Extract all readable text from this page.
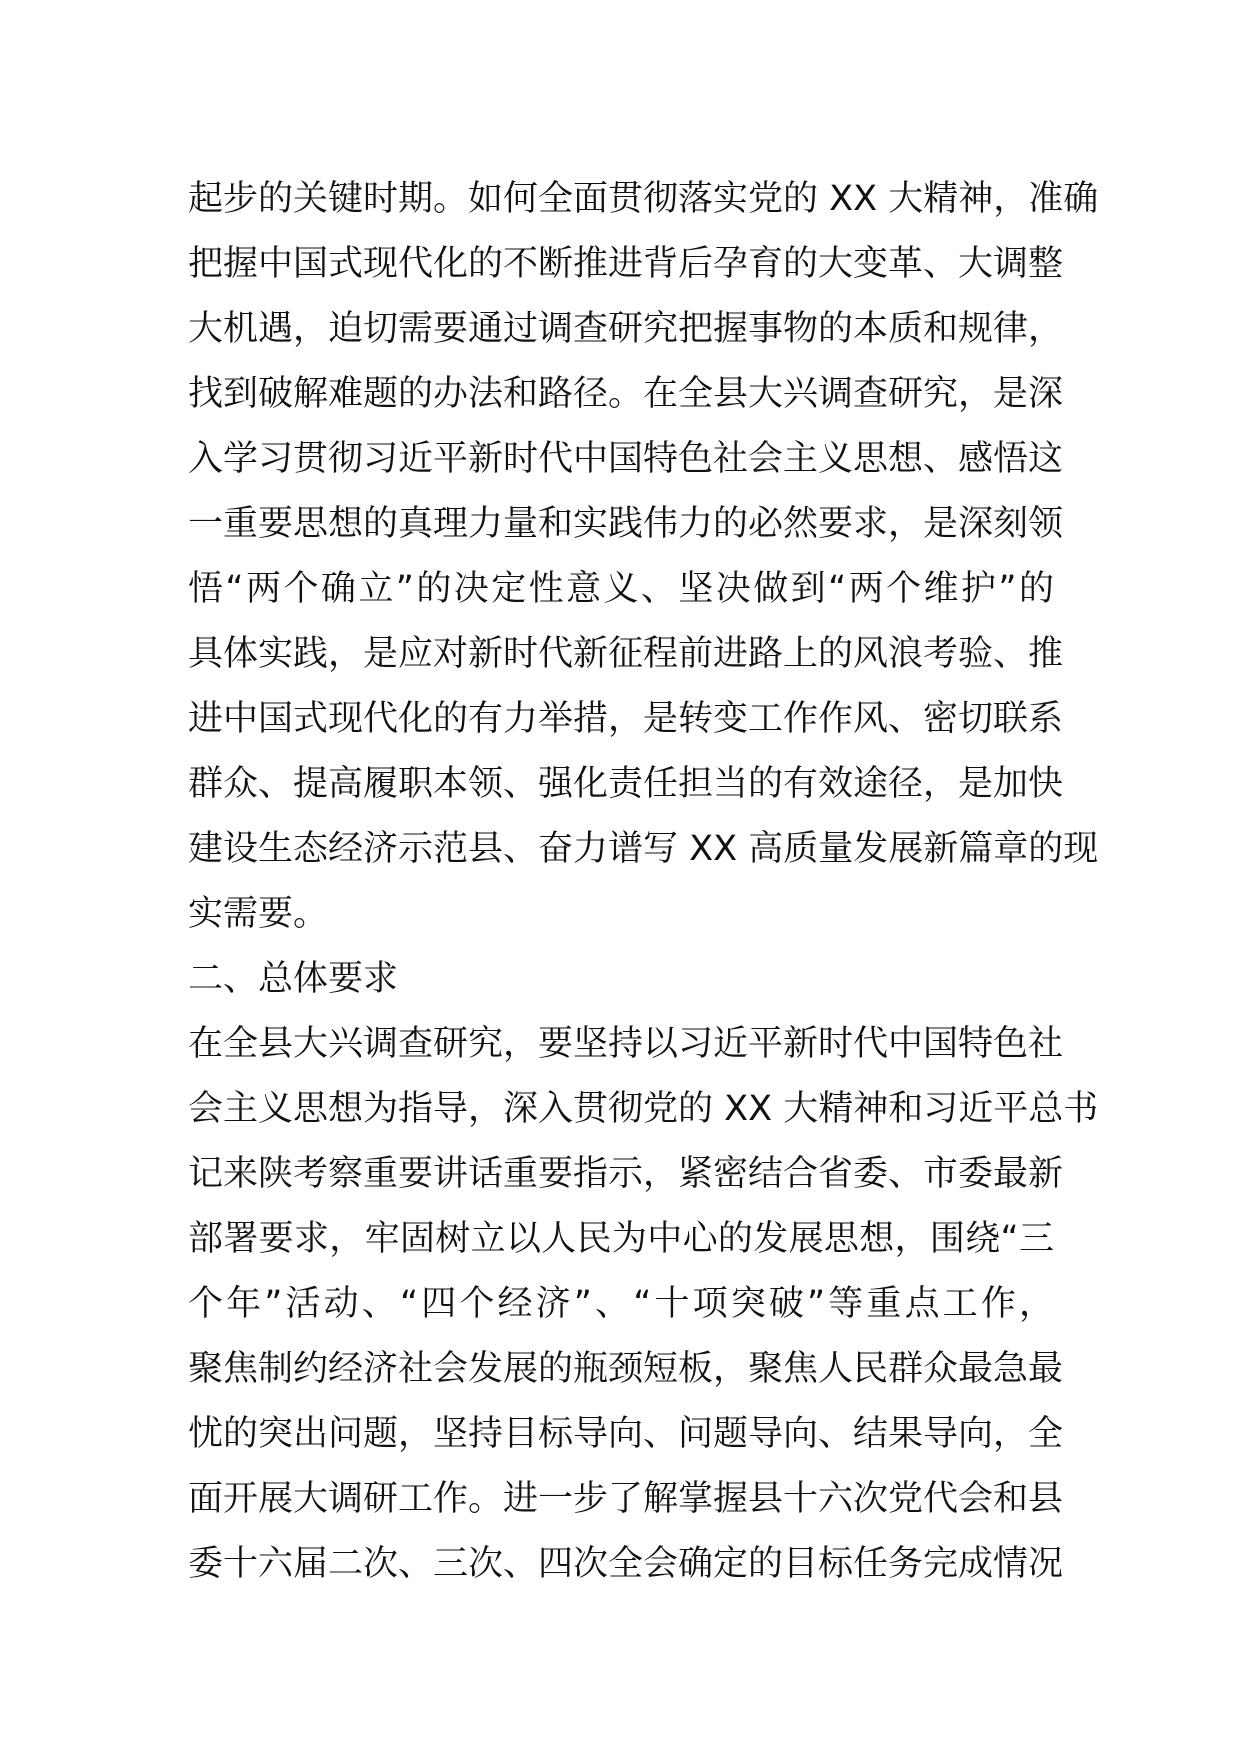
起步的关键时期。如何全面贯彻落实党的 XX 大精神，准确
把握中国式现代化的不断推进背后孕育的大变革、大调整
大机遇，迫切需要通过调查研究把握事物的本质和规律，
找到破解难题的办法和路径。在全县大兴调查研究，是深
入学习贯彻习近平新时代中国特色社会主义思想、感悟这
一重要思想的真理力量和实践伟力的必然要求，是深刻领
悟“两个确立”的决定性意义、坚决做到“两个维护”的
具体实践，是应对新时代新征程前进路上的风浪考验、推
进中国式现代化的有力举措，是转变工作作风、密切联系
群众、提高履职本领、强化责任担当的有效途径，是加快
建设生态经济示范县、奋力谱写 XX 高质量发展新篇章的现
实需要。
二、总体要求
在全县大兴调查研究，要坚持以习近平新时代中国特色社
会主义思想为指导，深入贯彻党的 XX 大精神和习近平总书
记来陕考察重要讲话重要指示，紧密结合省委、市委最新
部署要求，牢固树立以人民为中心的发展思想，围绕“三
个年”活动、“四个经济”、“十项突破”等重点工作，
聚焦制约经济社会发展的瓶颈短板，聚焦人民群众最急最
忧的突出问题，坚持目标导向、问题导向、结果导向，全
面开展大调研工作。进一步了解掌握县十六次党代会和县
委十六届二次、三次、四次全会确定的目标任务完成情况
